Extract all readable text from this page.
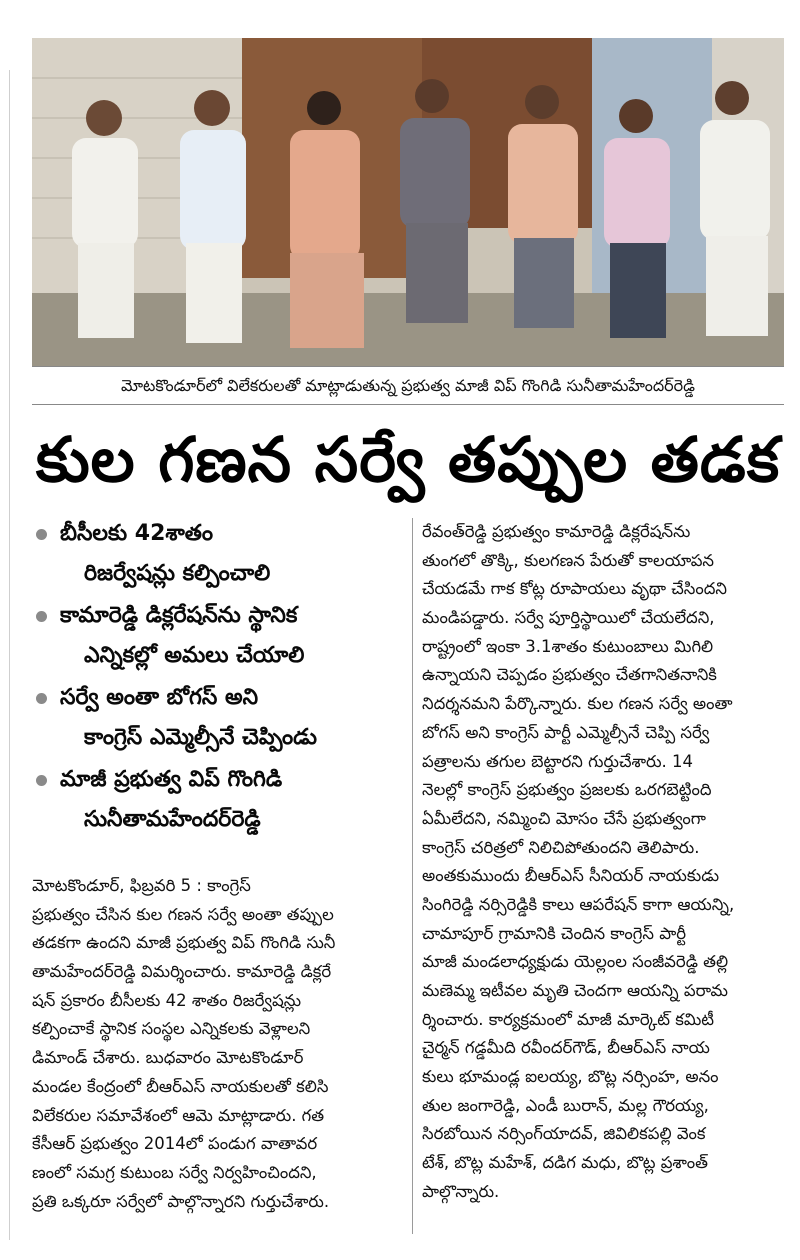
మోటకొండూర్‌లో విలేకరులతో మాట్లాడుతున్న ప్రభుత్వ మాజీ విప్ గొంగిడి సునీతామహేందర్‌రెడ్డి
కుల గణన సర్వే తప్పుల తడక
బీసీలకు 42శాతం
రిజర్వేషన్లు కల్పించాలి
కామారెడ్డి డిక్లరేషన్‌ను స్థానిక
ఎన్నికల్లో అమలు చేయాలి
సర్వే అంతా బోగస్ అని
కాంగ్రెస్ ఎమ్మెల్సీనే చెప్పిండు
మాజీ ప్రభుత్వ విప్ గొంగిడి
సునీతామహేందర్‌రెడ్డి
మోటకొండూర్, ఫిబ్రవరి 5 : కాంగ్రెస్
ప్రభుత్వం చేసిన కుల గణన సర్వే అంతా తప్పుల
తడకగా ఉందని మాజీ ప్రభుత్వ విప్ గొంగిడి సునీ
తామహేందర్‌రెడ్డి విమర్శించారు. కామారెడ్డి డిక్లరే
షన్ ప్రకారం బీసీలకు 42 శాతం రిజర్వేషన్లు
కల్పించాకే స్థానిక సంస్థల ఎన్నికలకు వెళ్లాలని
డిమాండ్ చేశారు. బుధవారం మోటకొండూర్
మండల కేంద్రంలో బీఆర్‌ఎస్ నాయకులతో కలిసి
విలేకరుల సమావేశంలో ఆమె మాట్లాడారు. గత
కేసీఆర్ ప్రభుత్వం 2014లో పండుగ వాతావర
ణంలో సమగ్ర కుటుంబ సర్వే నిర్వహించిందని,
ప్రతి ఒక్కరూ సర్వేలో పాల్గొన్నారని గుర్తుచేశారు.
రేవంత్‌రెడ్డి ప్రభుత్వం కామారెడ్డి డిక్లరేషన్‌ను
తుంగలో తొక్కి, కులగణన పేరుతో కాలయాపన
చేయడమే గాక కోట్ల రూపాయలు వృథా చేసిందని
మండిపడ్డారు. సర్వే పూర్తిస్థాయిలో చేయలేదని,
రాష్ట్రంలో ఇంకా 3.1శాతం కుటుంబాలు మిగిలి
ఉన్నాయని చెప్పడం ప్రభుత్వం చేతగానితనానికి
నిదర్శనమని పేర్కొన్నారు. కుల గణన సర్వే అంతా
బోగస్ అని కాంగ్రెస్ పార్టీ ఎమ్మెల్సీనే చెప్పి సర్వే
పత్రాలను తగుల బెట్టారని గుర్తుచేశారు. 14
నెలల్లో కాంగ్రెస్ ప్రభుత్వం ప్రజలకు ఒరగబెట్టింది
ఏమీలేదని, నమ్మించి మోసం చేసే ప్రభుత్వంగా
కాంగ్రెస్ చరిత్రలో నిలిచిపోతుందని తెలిపారు.
అంతకుముందు బీఆర్‌ఎస్ సీనియర్ నాయకుడు
సింగిరెడ్డి నర్సిరెడ్డికి కాలు ఆపరేషన్ కాగా ఆయన్ని,
చామాపూర్ గ్రామానికి చెందిన కాంగ్రెస్ పార్టీ
మాజీ మండలాధ్యక్షుడు యెల్లంల సంజీవరెడ్డి తల్లి
మణెమ్మ ఇటీవల మృతి చెందగా ఆయన్ని పరామ
ర్శించారు. కార్యక్రమంలో మాజీ మార్కెట్ కమిటీ
చైర్మన్ గడ్డమీది రవీందర్‌గౌడ్, బీఆర్‌ఎస్ నాయ
కులు భూమండ్ల ఐలయ్య, బొట్ల నర్సింహ, అనం
తుల జంగారెడ్డి, ఎండీ బురాన్, మల్ల గౌరయ్య,
సిరబోయిన నర్సింగ్‌యాదవ్, జివిలికపల్లి వెంక
టేశ్, బొట్ల మహేశ్, దడిగ మధు, బొట్ల ప్రశాంత్
పాల్గొన్నారు.
